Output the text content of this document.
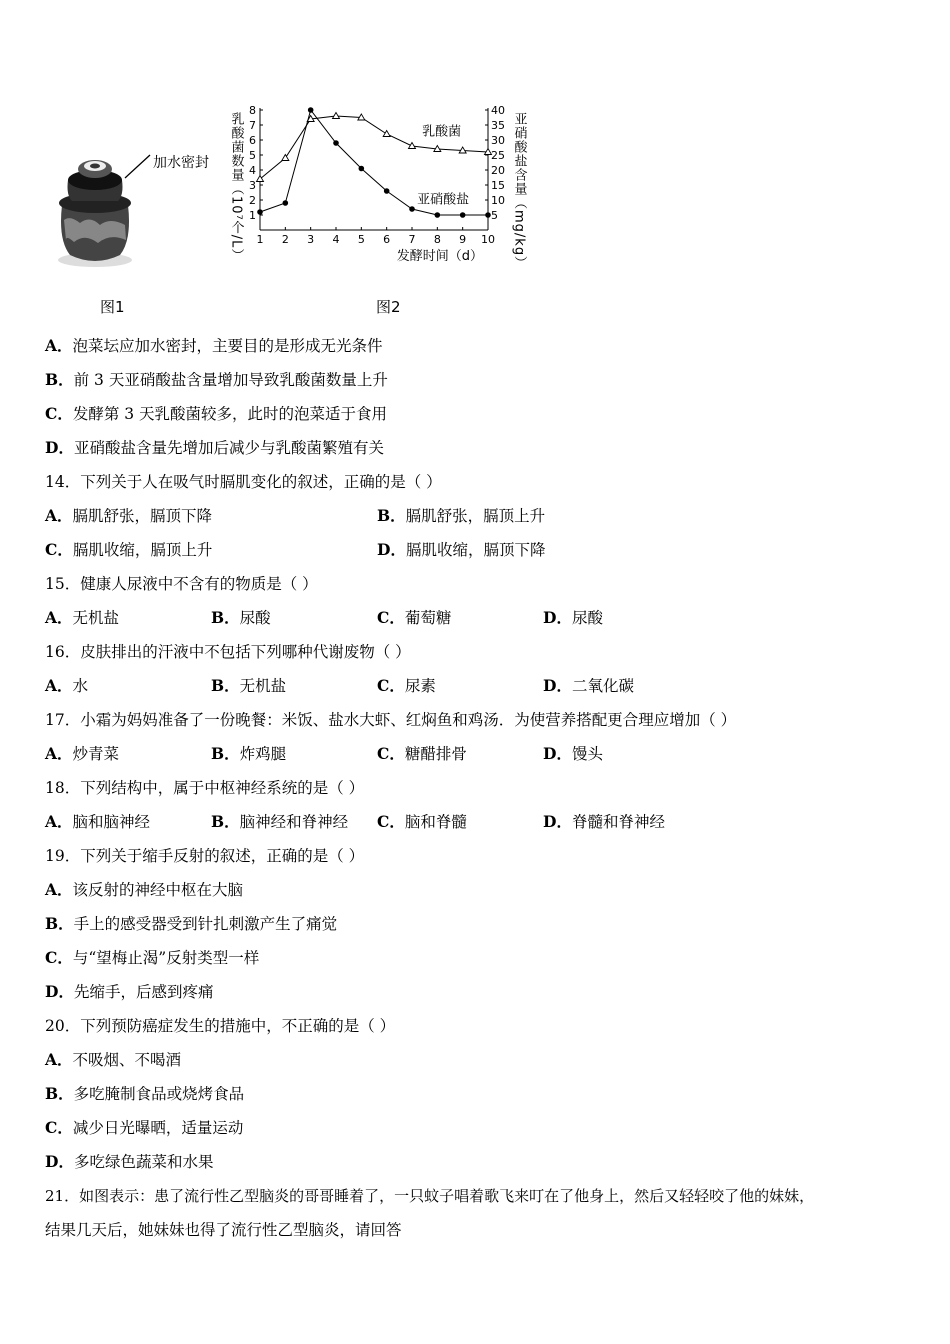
加水密封
图1	图2
1 2 3 4 5 6 7 8 9 10
1
2
3
4
5
6
7
8
5
10
15
20
25
30
35
40
乳酸菌数量（10⁷个/L）	亚硝酸盐含量（mg/kg）
发酵时间（d）
乳酸菌
亚硝酸盐
A．泡菜坛应加水密封，主要目的是形成无光条件
B．前 3 天亚硝酸盐含量增加导致乳酸菌数量上升
C．发酵第 3 天乳酸菌较多，此时的泡菜适于食用
D．亚硝酸盐含量先增加后减少与乳酸菌繁殖有关
14．下列关于人在吸气时膈肌变化的叙述，正确的是（ ）
A．膈肌舒张，膈顶下降	B．膈肌舒张，膈顶上升
C．膈肌收缩，膈顶上升	D．膈肌收缩，膈顶下降
15．健康人尿液中不含有的物质是（ ）
A．无机盐	B．尿酸	C．葡萄糖	D．尿酸
16．皮肤排出的汗液中不包括下列哪种代谢废物（ ）
A．水	B．无机盐	C．尿素	D．二氧化碳
17．小霜为妈妈准备了一份晚餐：米饭、盐水大虾、红焖鱼和鸡汤．为使营养搭配更合理应增加（ ）
A．炒青菜	B．炸鸡腿	C．糖醋排骨	D．馒头
18．下列结构中，属于中枢神经系统的是（ ）
A．脑和脑神经	B．脑神经和脊神经 C．脑和脊髓	D．脊髓和脊神经
19．下列关于缩手反射的叙述，正确的是（ ）
A．该反射的神经中枢在大脑
B．手上的感受器受到针扎刺激产生了痛觉
C．与“望梅止渴”反射类型一样
D．先缩手，后感到疼痛
20．下列预防癌症发生的措施中，不正确的是（ ）
A．不吸烟、不喝酒
B．多吃腌制食品或烧烤食品
C．减少日光曝晒，适量运动
D．多吃绿色蔬菜和水果
21．如图表示：患了流行性乙型脑炎的哥哥睡着了，一只蚊子唱着歌飞来叮在了他身上，然后又轻轻咬了他的妹妹，
结果几天后，她妹妹也得了流行性乙型脑炎，请回答
